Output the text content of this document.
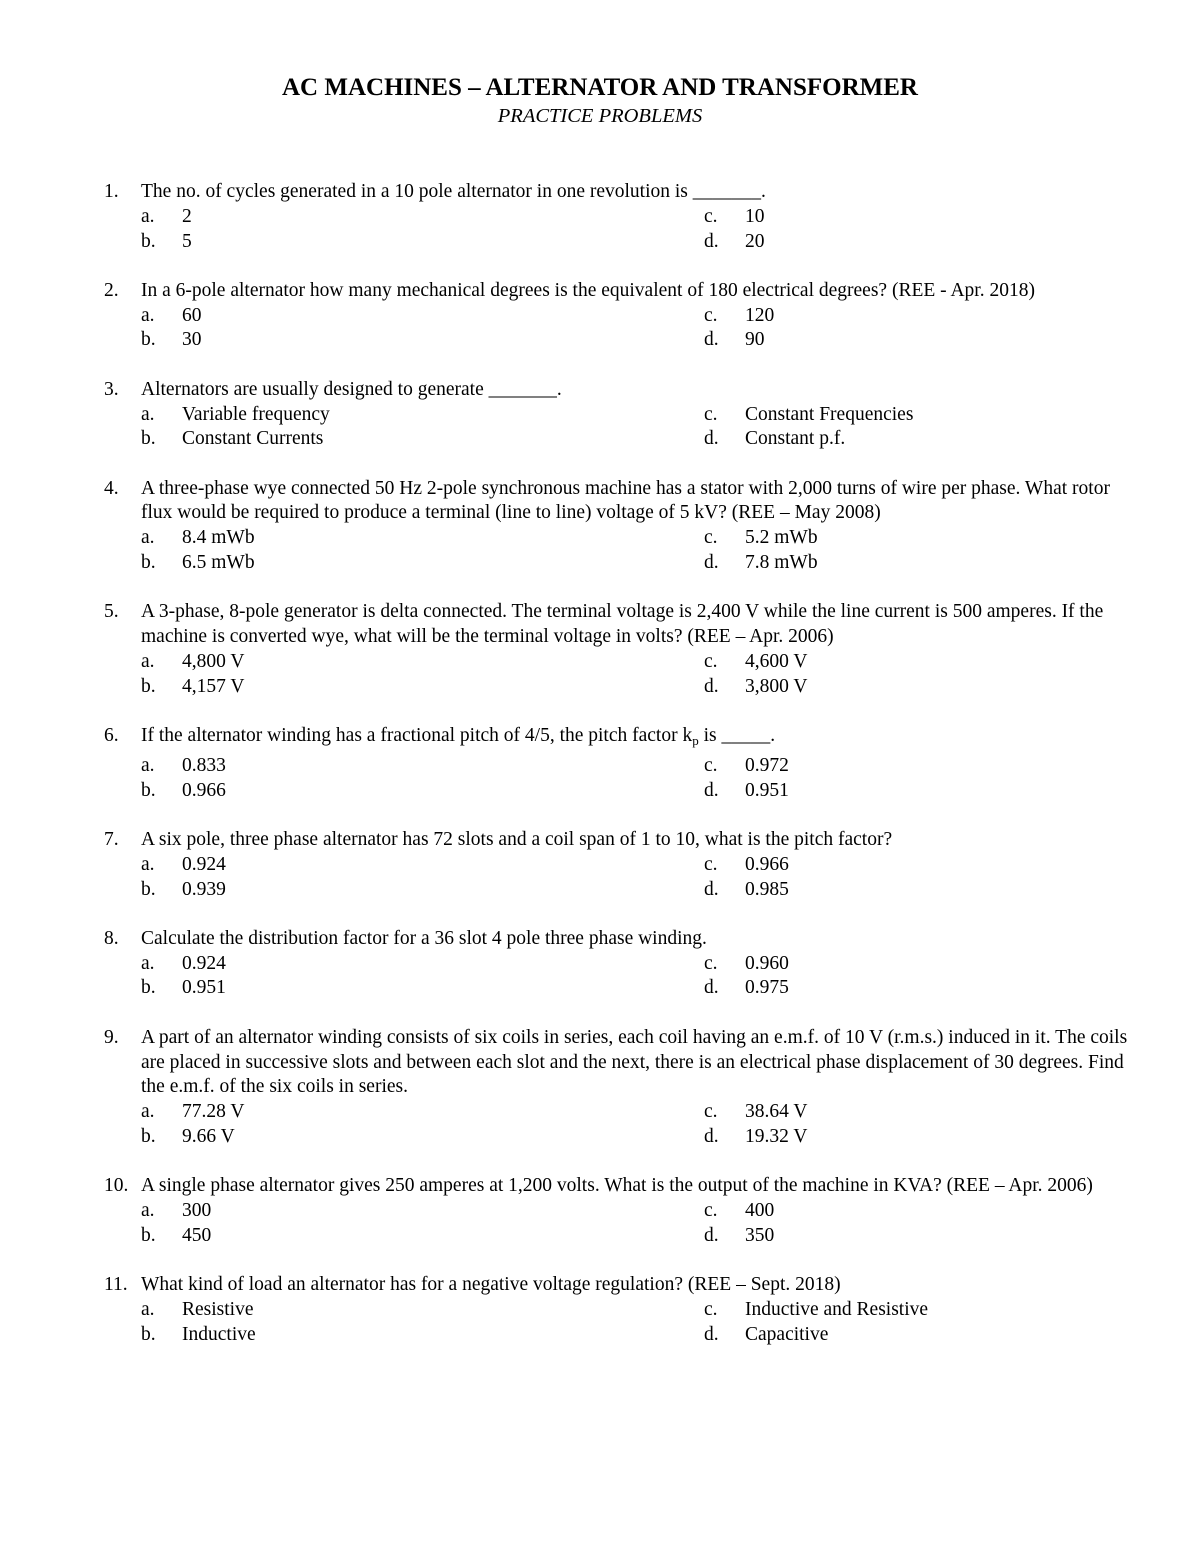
AC MACHINES – ALTERNATOR AND TRANSFORMER
PRACTICE PROBLEMS
1.	The no. of cycles generated in a 10 pole alternator in one revolution is _______.
a.	2	c.	10
b.	5	d.	20
2.	In a 6-pole alternator how many mechanical degrees is the equivalent of 180 electrical degrees? (REE - Apr. 2018)
a.	60	c.	120
b.	30	d.	90
3.	Alternators are usually designed to generate _______.
a.	Variable frequency	c.	Constant Frequencies
b.	Constant Currents	d.	Constant p.f.
4.	A three-phase wye connected 50 Hz 2-pole synchronous machine has a stator with 2,000 turns of wire per phase. What rotor flux would be required to produce a terminal (line to line) voltage of 5 kV? (REE – May 2008)
a.	8.4 mWb	c.	5.2 mWb
b.	6.5 mWb	d.	7.8 mWb
5.	A 3-phase, 8-pole generator is delta connected. The terminal voltage is 2,400 V while the line current is 500 amperes. If the machine is converted wye, what will be the terminal voltage in volts? (REE – Apr. 2006)
a.	4,800 V	c.	4,600 V
b.	4,157 V	d.	3,800 V
6.	If the alternator winding has a fractional pitch of 4/5, the pitch factor $k_p$ is _____.
a.	0.833	c.	0.972
b.	0.966	d.	0.951
7.	A six pole, three phase alternator has 72 slots and a coil span of 1 to 10, what is the pitch factor?
a.	0.924	c.	0.966
b.	0.939	d.	0.985
8.	Calculate the distribution factor for a 36 slot 4 pole three phase winding.
a.	0.924	c.	0.960
b.	0.951	d.	0.975
9.	A part of an alternator winding consists of six coils in series, each coil having an e.m.f. of 10 V (r.m.s.) induced in it. The coils are placed in successive slots and between each slot and the next, there is an electrical phase displacement of 30 degrees. Find the e.m.f. of the six coils in series.
a.	77.28 V	c.	38.64 V
b.	9.66 V	d.	19.32 V
10. A single phase alternator gives 250 amperes at 1,200 volts. What is the output of the machine in KVA? (REE – Apr. 2006)
a.	300	c.	400
b.	450	d.	350
11. What kind of load an alternator has for a negative voltage regulation? (REE – Sept. 2018)
a.	Resistive	c.	Inductive and Resistive
b.	Inductive	d.	Capacitive
